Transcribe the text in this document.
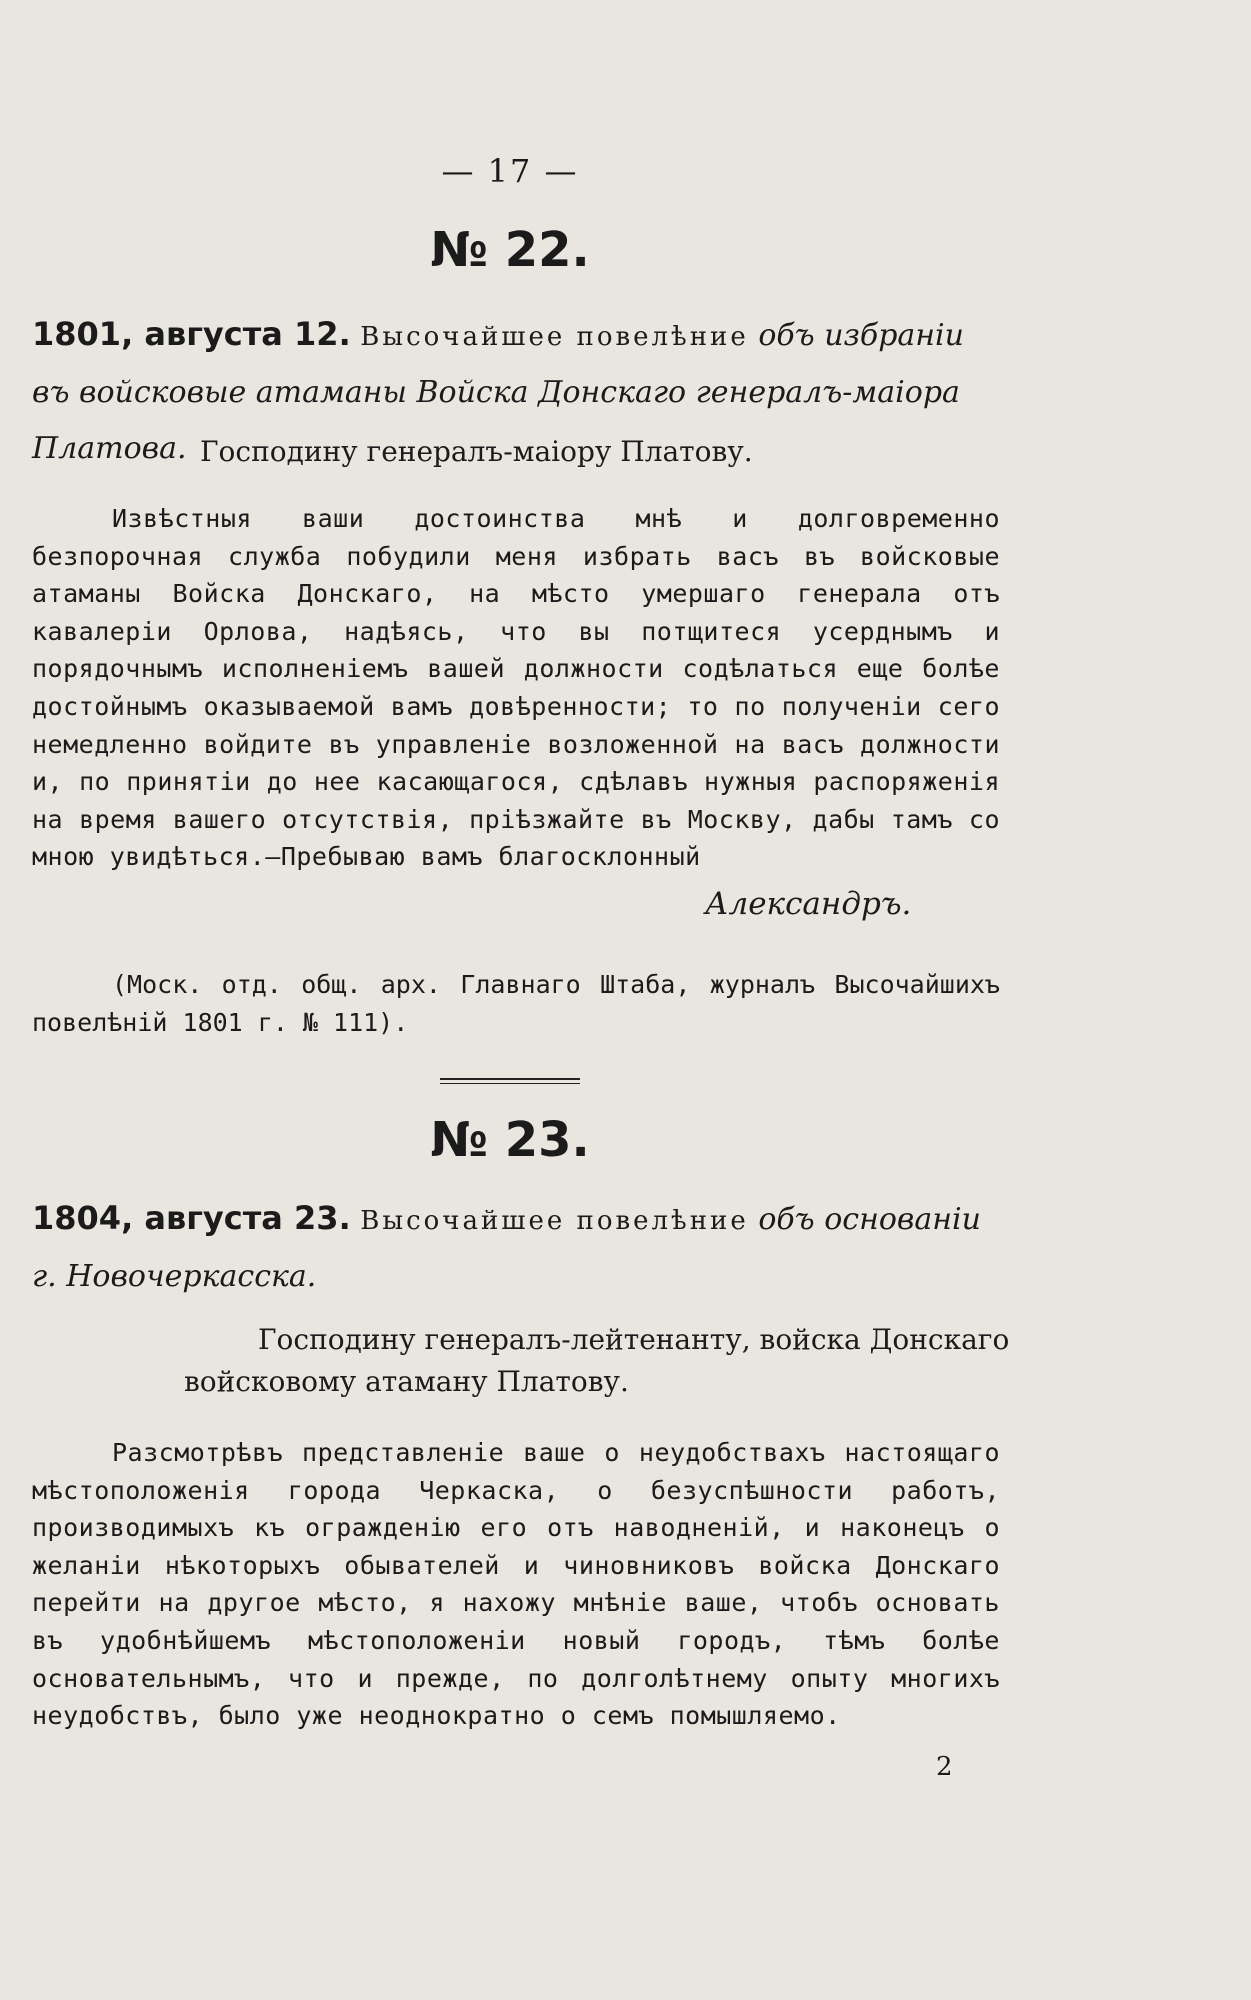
— 17 —
№ 22.
1801, августа 12. Высочайшее повелѣние объ избраніи въ войсковые атаманы Войска Донскаго генералъ-маіора Платова. Господину генералъ-маіору Платову.

Извѣстныя ваши достоинства мнѣ и долговременно безпорочная служба побудили меня избрать васъ въ войсковые атаманы Войска Донскаго, на мѣсто умершаго генерала отъ кавалеріи Орлова, надѣясь, что вы потщитеся усерднымъ и порядочнымъ исполненіемъ вашей должности содѣлаться еще болѣе достойнымъ оказываемой вамъ довѣренности; то по полученіи сего немедленно войдите въ управленіе возложенной на васъ должности и, по принятіи до нее касающагося, сдѣлавъ нужныя распоряженія на время вашего отсутствія, пріѣзжайте въ Москву, дабы тамъ со мною увидѣться.—Пребываю вамъ благосклонный

Александръ.

(Моск. отд. общ. арх. Главнаго Штаба, журналъ Высочайшихъ повелѣній 1801 г. № 111).

№ 23.
1804, августа 23. Высочайшее повелѣние объ основаніи г. Новочеркасска.
Господину генералъ-лейтенанту, войска Донскаго
войсковому атаману Платову.

Разсмотрѣвъ представленіе ваше о неудобствахъ настоящаго мѣстоположенія города Черкаска, о безуспѣшности работъ, производимыхъ къ огражденію его отъ наводненій, и наконецъ о желаніи нѣкоторыхъ обывателей и чиновниковъ войска Донскаго перейти на другое мѣсто, я нахожу мнѣніе ваше, чтобъ основать въ удобнѣйшемъ мѣстоположеніи новый городъ, тѣмъ болѣе основательнымъ, что и прежде, по долголѣтнему опыту многихъ неудобствъ, было уже неоднократно о семъ помышляемо.

2
